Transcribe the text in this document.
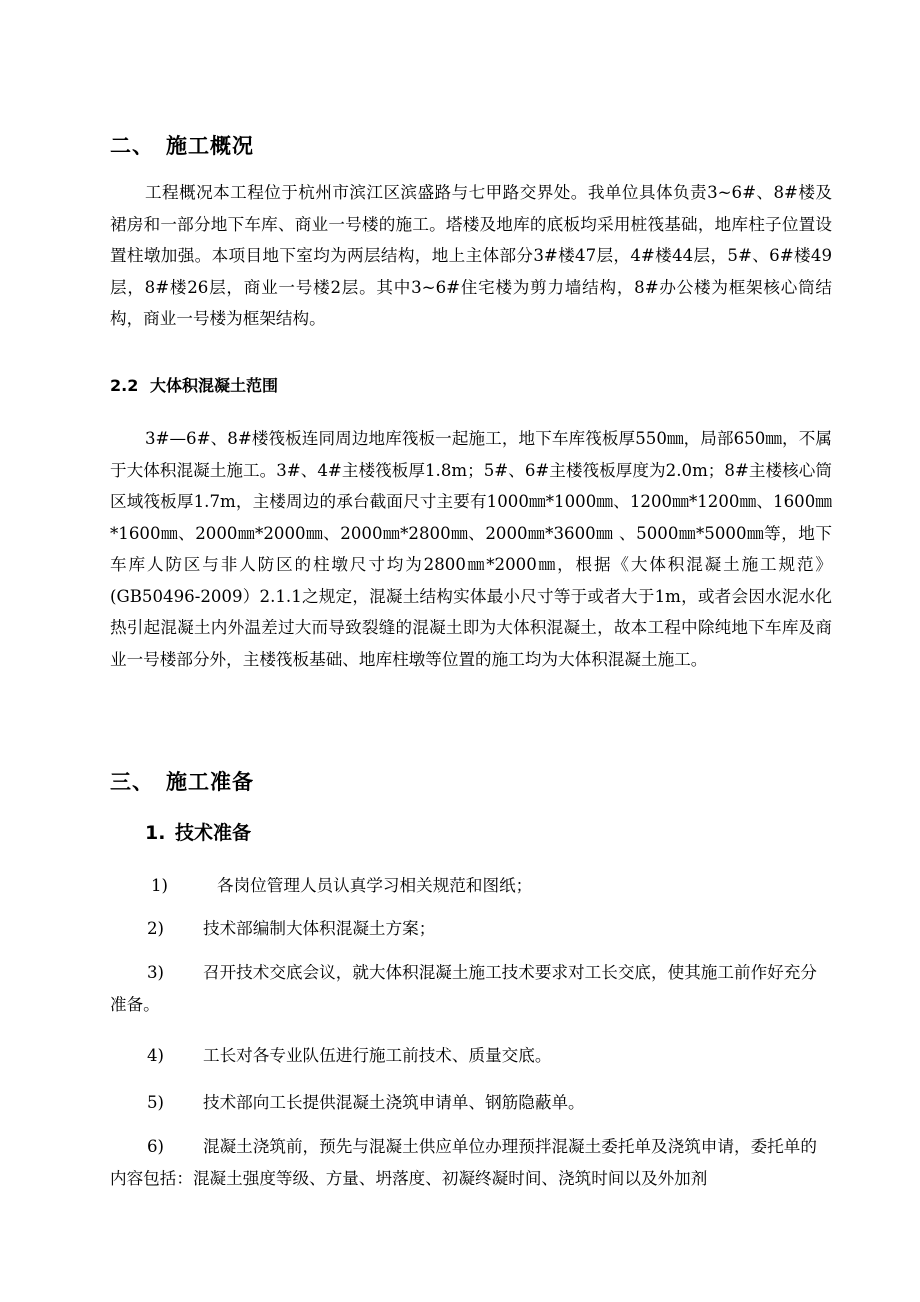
二、 施工概况

工程概况本工程位于杭州市滨江区滨盛路与七甲路交界处。我单位具体负责3~6#、8#楼及裙房和一部分地下车库、商业一号楼的施工。塔楼及地库的底板均采用桩筏基础，地库柱子位置设置柱墩加强。本项目地下室均为两层结构，地上主体部分3#楼47层，4#楼44层，5#、6#楼49层，8#楼26层，商业一号楼2层。其中3~6#住宅楼为剪力墙结构，8#办公楼为框架核心筒结构，商业一号楼为框架结构。

2.2 大体积混凝土范围

3#—6#、8#楼筏板连同周边地库筏板一起施工，地下车库筏板厚550㎜，局部650㎜，不属于大体积混凝土施工。3#、4#主楼筏板厚1.8m；5#、6#主楼筏板厚度为2.0m；8#主楼核心筒区域筏板厚1.7m，主楼周边的承台截面尺寸主要有1000㎜*1000㎜、1200㎜*1200㎜、1600㎜*1600㎜、2000㎜*2000㎜、2000㎜*2800㎜、2000㎜*3600㎜ 、5000㎜*5000㎜等，地下车库人防区与非人防区的柱墩尺寸均为2800㎜*2000㎜，根据《大体积混凝土施工规范》(GB50496-2009）2.1.1之规定，混凝土结构实体最小尺寸等于或者大于1m，或者会因水泥水化热引起混凝土内外温差过大而导致裂缝的混凝土即为大体积混凝土，故本工程中除纯地下车库及商业一号楼部分外，主楼筏板基础、地库柱墩等位置的施工均为大体积混凝土施工。

三、 施工准备
1. 技术准备

1)	各岗位管理人员认真学习相关规范和图纸；

2) 技术部编制大体积混凝土方案；

3) 召开技术交底会议，就大体积混凝土施工技术要求对工长交底，使其施工前作好充分准备。

4) 工长对各专业队伍进行施工前技术、质量交底。

5) 技术部向工长提供混凝土浇筑申请单、钢筋隐蔽单。

6) 混凝土浇筑前，预先与混凝土供应单位办理预拌混凝土委托单及浇筑申请，委托单的内容包括：混凝土强度等级、方量、坍落度、初凝终凝时间、浇筑时间以及外加剂
